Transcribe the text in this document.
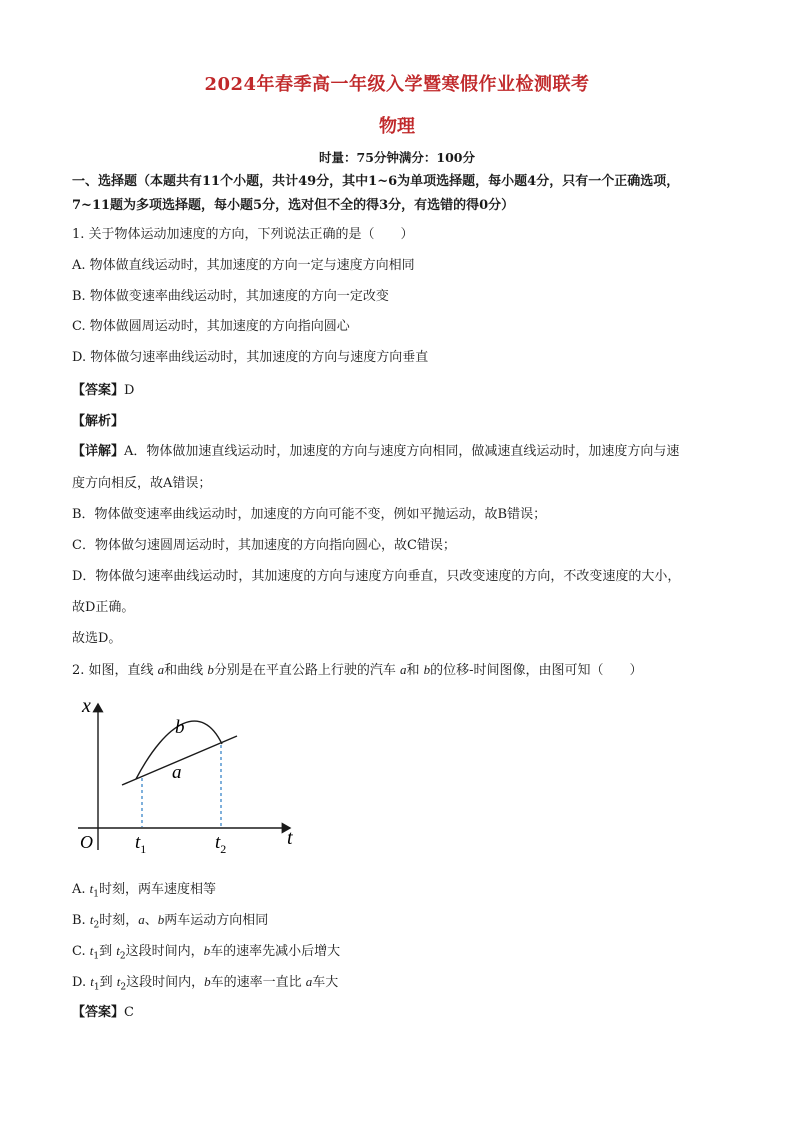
2024年春季高一年级入学暨寒假作业检测联考
物理
时量：75分钟满分：100分
一、选择题（本题共有11个小题，共计49分，其中1~6为单项选择题，每小题4分，只有一个正确选项，
7~11题为多项选择题，每小题5分，选对但不全的得3分，有选错的得0分）
1. 关于物体运动加速度的方向，下列说法正确的是（　　）
A. 物体做直线运动时，其加速度的方向一定与速度方向相同
B. 物体做变速率曲线运动时，其加速度的方向一定改变
C. 物体做圆周运动时，其加速度的方向指向圆心
D. 物体做匀速率曲线运动时，其加速度的方向与速度方向垂直
【答案】D
【解析】
【详解】A．物体做加速直线运动时，加速度的方向与速度方向相同，做减速直线运动时，加速度方向与速
度方向相反，故A错误；
B．物体做变速率曲线运动时，加速度的方向可能不变，例如平抛运动，故B错误；
C．物体做匀速圆周运动时，其加速度的方向指向圆心，故C错误；
D．物体做匀速率曲线运动时，其加速度的方向与速度方向垂直，只改变速度的方向，不改变速度的大小，
故D正确。
故选D。
2. 如图，直线 a和曲线 b分别是在平直公路上行驶的汽车 a和 b的位移-时间图像，由图可知（　　）
x
t
O
b
a
$t_1$	$t_2$
A. $t_1$时刻，两车速度相等
B. $t_2$时刻，a、b两车运动方向相同
C. $t_1$到 $t_2$这段时间内，b车的速率先减小后增大
D. $t_1$到 $t_2$这段时间内，b车的速率一直比 a车大
【答案】C
